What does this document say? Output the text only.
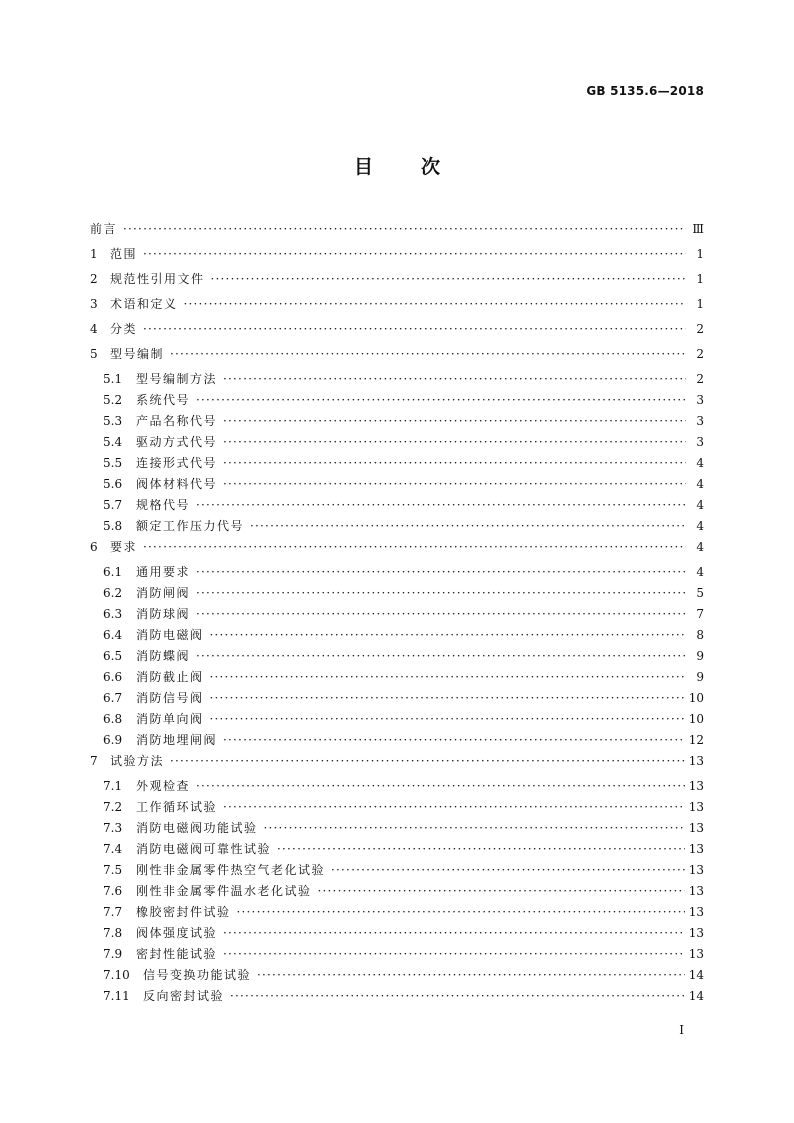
GB 5135.6—2018
目次
前言 ·····	Ⅲ
1	范围 ·····	1
2	规范性引用文件 ·····	1
3	术语和定义 ·····	1
4	分类 ·····	2
5	型号编制 ·····	2
5.1	型号编制方法 ·····	2
5.2	系统代号 ·····	3
5.3	产品名称代号 ·····	3
5.4	驱动方式代号 ·····	3
5.5	连接形式代号 ·····	4
5.6	阀体材料代号 ·····	4
5.7	规格代号 ·····	4
5.8	额定工作压力代号 ·····	4
6	要求 ·····	4
6.1	通用要求 ·····	4
6.2	消防闸阀 ·····	5
6.3	消防球阀 ·····	7
6.4	消防电磁阀 ·····	8
6.5	消防蝶阀 ·····	9
6.6	消防截止阀 ·····	9
6.7	消防信号阀 ·····	10
6.8	消防单向阀 ·····	10
6.9	消防地埋闸阀 ·····	12
7	试验方法 ·····	13
7.1	外观检查 ·····	13
7.2	工作循环试验 ·····	13
7.3	消防电磁阀功能试验 ·····	13
7.4	消防电磁阀可靠性试验 ·····	13
7.5	刚性非金属零件热空气老化试验 ·····	13
7.6	刚性非金属零件温水老化试验 ·····	13
7.7	橡胶密封件试验 ·····	13
7.8	阀体强度试验 ·····	13
7.9	密封性能试验 ·····	13
7.10	信号变换功能试验 ·····	14
7.11	反向密封试验 ·····	14
I
